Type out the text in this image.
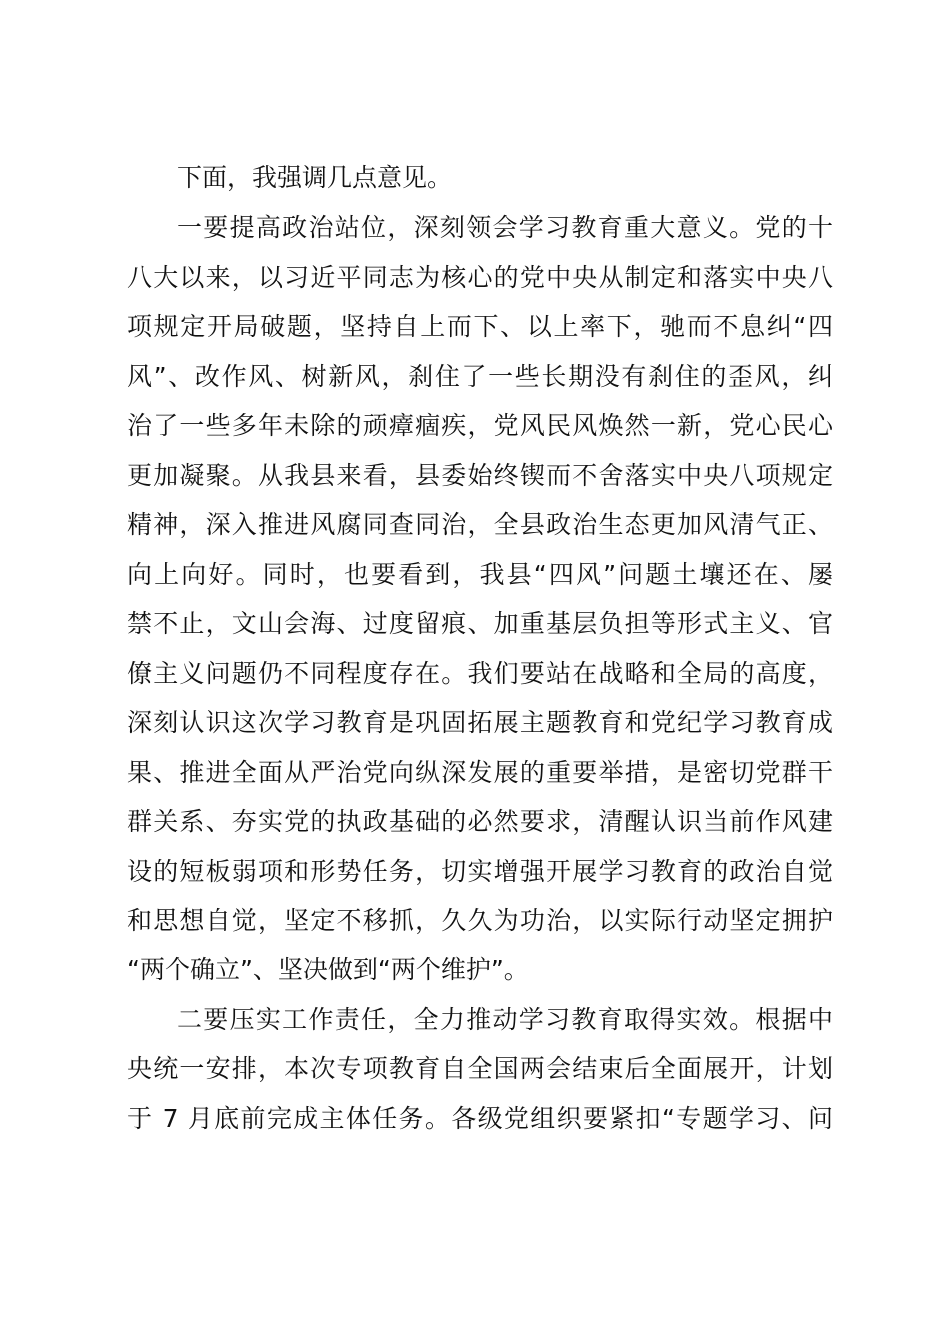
下面，我强调几点意见。
一要提高政治站位，深刻领会学习教育重大意义。党的十
八大以来，以习近平同志为核心的党中央从制定和落实中央八
项规定开局破题，坚持自上而下、以上率下，驰而不息纠“四
风”、改作风、树新风，刹住了一些长期没有刹住的歪风，纠
治了一些多年未除的顽瘴痼疾，党风民风焕然一新，党心民心
更加凝聚。从我县来看，县委始终锲而不舍落实中央八项规定
精神，深入推进风腐同查同治，全县政治生态更加风清气正、
向上向好。同时，也要看到，我县“四风”问题土壤还在、屡
禁不止，文山会海、过度留痕、加重基层负担等形式主义、官
僚主义问题仍不同程度存在。我们要站在战略和全局的高度，
深刻认识这次学习教育是巩固拓展主题教育和党纪学习教育成
果、推进全面从严治党向纵深发展的重要举措，是密切党群干
群关系、夯实党的执政基础的必然要求，清醒认识当前作风建
设的短板弱项和形势任务，切实增强开展学习教育的政治自觉
和思想自觉，坚定不移抓，久久为功治，以实际行动坚定拥护
“两个确立”、坚决做到“两个维护”。
二要压实工作责任，全力推动学习教育取得实效。根据中
央统一安排，本次专项教育自全国两会结束后全面展开，计划
于 7 月底前完成主体任务。各级党组织要紧扣“专题学习、问
